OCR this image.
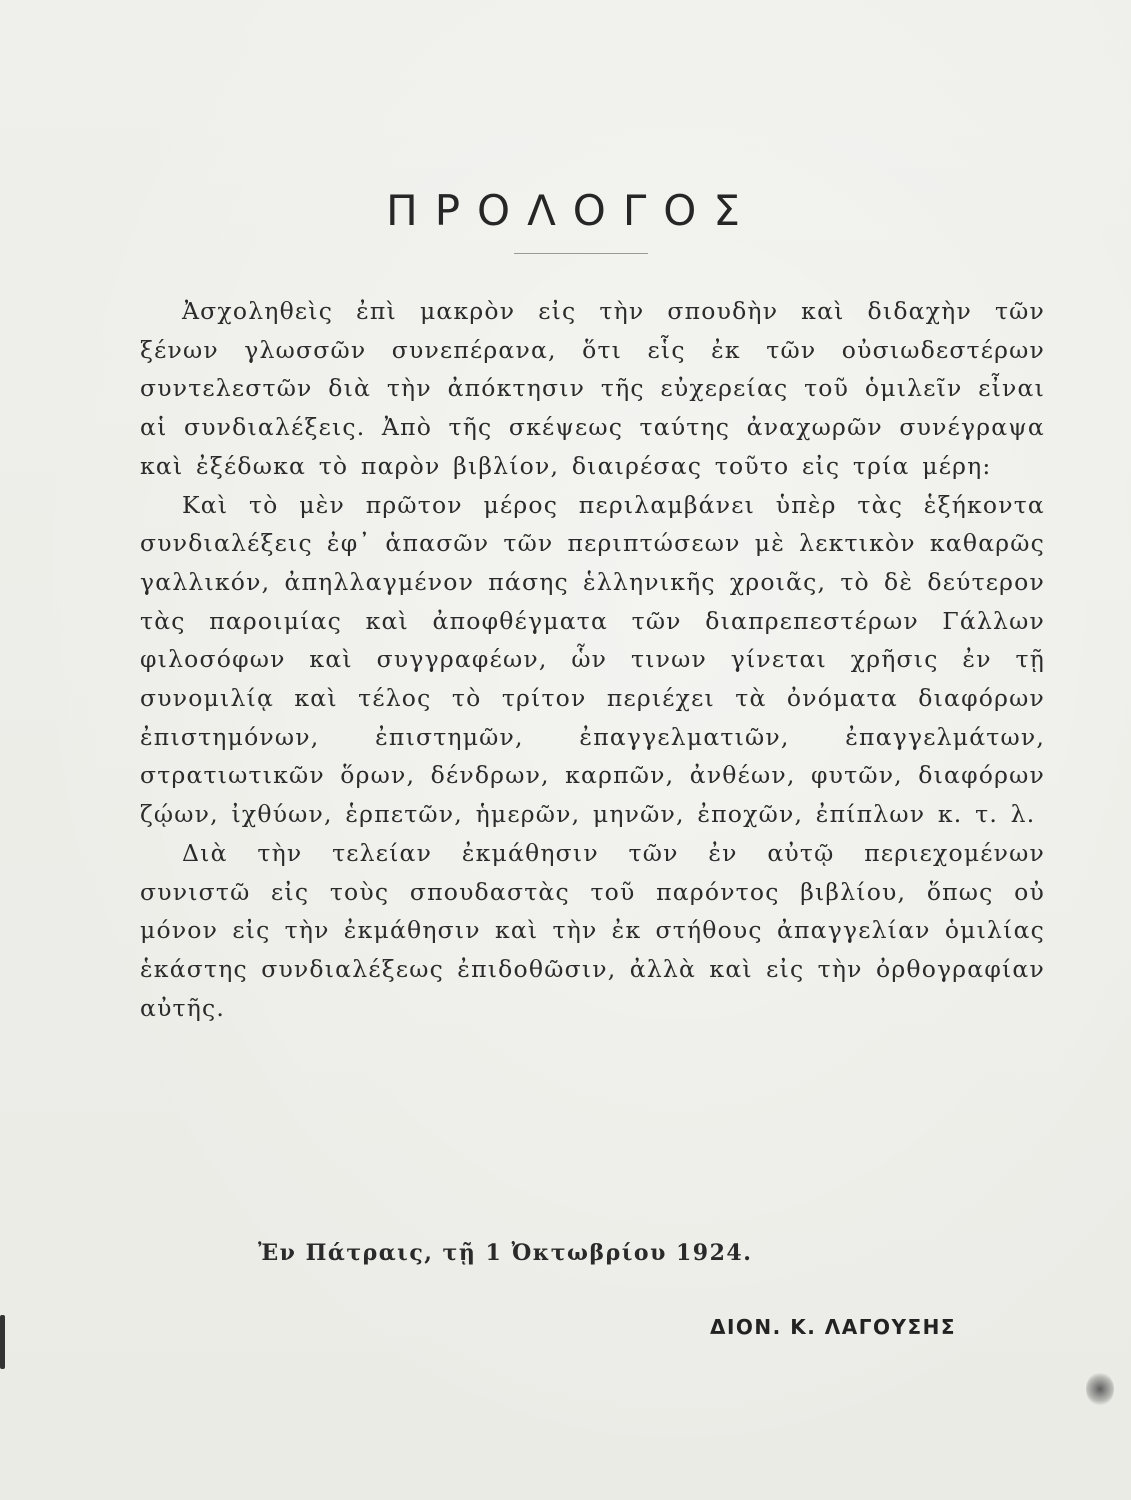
ΠΡΟΛΟΓΟΣ

Ἀσχοληθεὶς ἐπὶ μακρὸν εἰς τὴν σπουδὴν καὶ διδαχὴν τῶν ξένων γλωσσῶν συνεπέρανα, ὅτι εἷς ἐκ τῶν οὐσιωδεστέρων συντελεστῶν διὰ τὴν ἀπόκτησιν τῆς εὐχερείας τοῦ ὁμιλεῖν εἶναι αἱ συνδιαλέξεις. Ἀπὸ τῆς σκέψεως ταύτης ἀναχωρῶν συνέγραψα καὶ ἐξέδωκα τὸ παρὸν βιβλίον, διαιρέσας τοῦτο εἰς τρία μέρη:

Καὶ τὸ μὲν πρῶτον μέρος περιλαμβάνει ὑπὲρ τὰς ἑξήκοντα συνδιαλέξεις ἐφ᾽ ἁπασῶν τῶν περιπτώσεων μὲ λεκτικὸν καθαρῶς γαλλικόν, ἀπηλλαγμένον πάσης ἑλληνικῆς χροιᾶς, τὸ δὲ δεύτερον τὰς παροιμίας καὶ ἀποφθέγματα τῶν διαπρεπεστέρων Γάλλων φιλοσόφων καὶ συγγραφέων, ὧν τινων γίνεται χρῆσις ἐν τῇ συνομιλίᾳ καὶ τέλος τὸ τρίτον περιέχει τὰ ὀνόματα διαφόρων ἐπιστημόνων, ἐπιστημῶν, ἐπαγγελματιῶν, ἐπαγγελμάτων, στρατιωτικῶν ὅρων, δένδρων, καρπῶν, ἀνθέων, φυτῶν, διαφόρων ζῴων, ἰχθύων, ἑρπετῶν, ἡμερῶν, μηνῶν, ἐποχῶν, ἐπίπλων κ. τ. λ.

Διὰ τὴν τελείαν ἐκμάθησιν τῶν ἐν αὐτῷ περιεχομένων συνιστῶ εἰς τοὺς σπουδαστὰς τοῦ παρόντος βιβλίου, ὅπως οὐ μόνον εἰς τὴν ἐκμάθησιν καὶ τὴν ἐκ στήθους ἀπαγγελίαν ὁμιλίας ἑκάστης συνδιαλέξεως ἐπιδοθῶσιν, ἀλλὰ καὶ εἰς τὴν ὀρθογραφίαν αὐτῆς.

Ἐν Πάτραις, τῇ 1 Ὀκτωβρίου 1924.
ΔΙΟΝ. Κ. ΛΑΓΟΥΣΗΣ
